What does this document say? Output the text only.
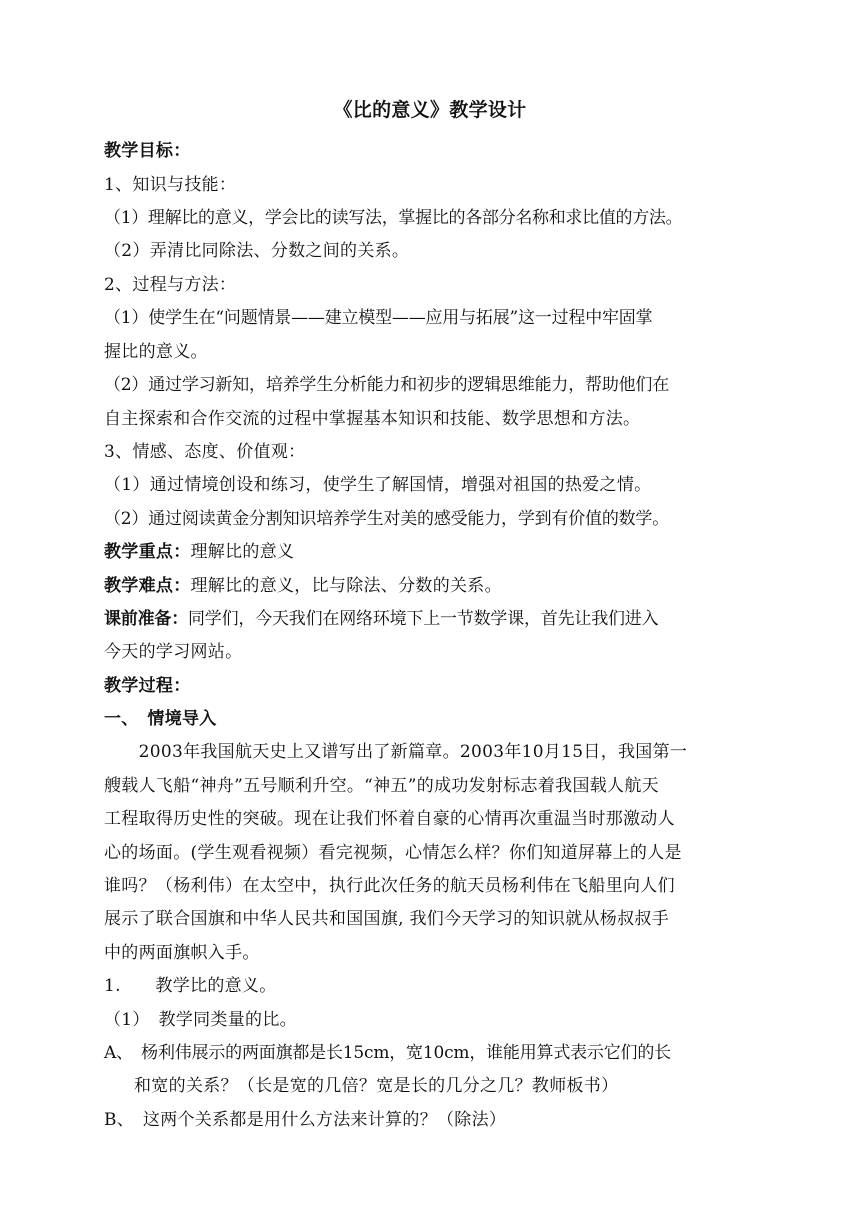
《比的意义》教学设计
教学目标：
1、知识与技能：
（1）理解比的意义，学会比的读写法，掌握比的各部分名称和求比值的方法。
（2）弄清比同除法、分数之间的关系。
2、过程与方法：
（1）使学生在“问题情景——建立模型——应用与拓展”这一过程中牢固掌
握比的意义。
（2）通过学习新知，培养学生分析能力和初步的逻辑思维能力，帮助他们在
自主探索和合作交流的过程中掌握基本知识和技能、数学思想和方法。
3、情感、态度、价值观：
（1）通过情境创设和练习，使学生了解国情，增强对祖国的热爱之情。
（2）通过阅读黄金分割知识培养学生对美的感受能力，学到有价值的数学。
教学重点：理解比的意义
教学难点：理解比的意义，比与除法、分数的关系。
课前准备：同学们，今天我们在网络环境下上一节数学课，首先让我们进入
今天的学习网站。
教学过程：
一、　情境导入
　　2003年我国航天史上又谱写出了新篇章。2003年10月15日，我国第一
艘载人飞船“神舟”五号顺利升空。“神五”的成功发射标志着我国载人航天
工程取得历史性的突破。现在让我们怀着自豪的心情再次重温当时那激动人
心的场面。(学生观看视频）看完视频，心情怎么样？你们知道屏幕上的人是
谁吗？（杨利伟）在太空中，执行此次任务的航天员杨利伟在飞船里向人们
展示了联合国旗和中华人民共和国国旗, 我们今天学习的知识就从杨叔叔手
中的两面旗帜入手。
1.　　教学比的意义。
（1）　教学同类量的比。
A、　杨利伟展示的两面旗都是长15cm，宽10cm，谁能用算式表示它们的长
和宽的关系？（长是宽的几倍？宽是长的几分之几？教师板书）
B、　这两个关系都是用什么方法来计算的？（除法）
